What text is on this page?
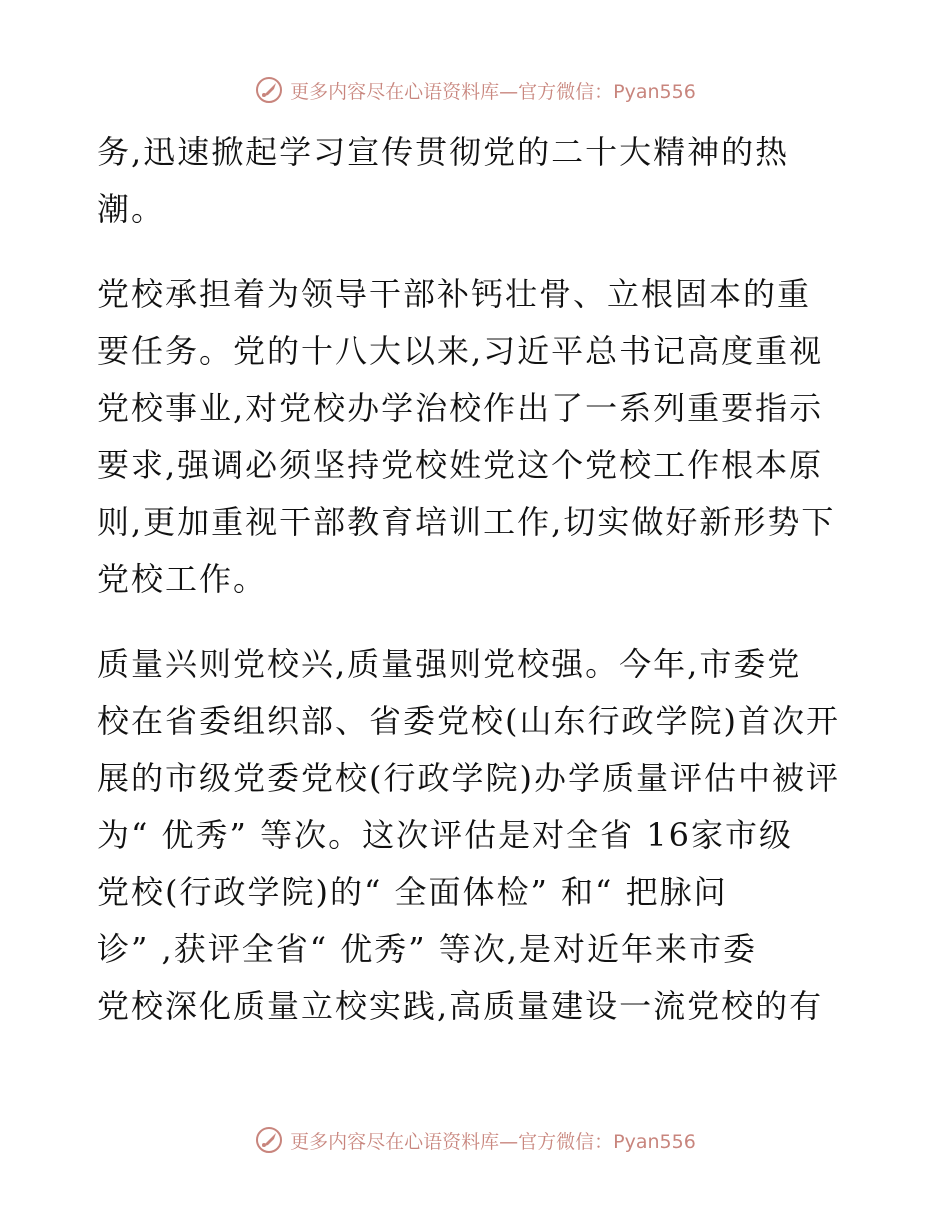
更多内容尽在心语资料库—官方微信：Pyan556
务,迅速掀起学习宣传贯彻党的二十大精神的热
潮。
党校承担着为领导干部补钙壮骨、立根固本的重
要任务。党的十八大以来,习近平总书记高度重视
党校事业,对党校办学治校作出了一系列重要指示
要求,强调必须坚持党校姓党这个党校工作根本原
则,更加重视干部教育培训工作,切实做好新形势下
党校工作。
质量兴则党校兴,质量强则党校强。今年,市委党
校在省委组织部、省委党校(山东行政学院)首次开
展的市级党委党校(行政学院)办学质量评估中被评
为“ 优秀” 等次。这次评估是对全省 16家市级
党校(行政学院)的“ 全面体检” 和“ 把脉问
诊” ,获评全省“ 优秀” 等次,是对近年来市委
党校深化质量立校实践,高质量建设一流党校的有
更多内容尽在心语资料库—官方微信：Pyan556
